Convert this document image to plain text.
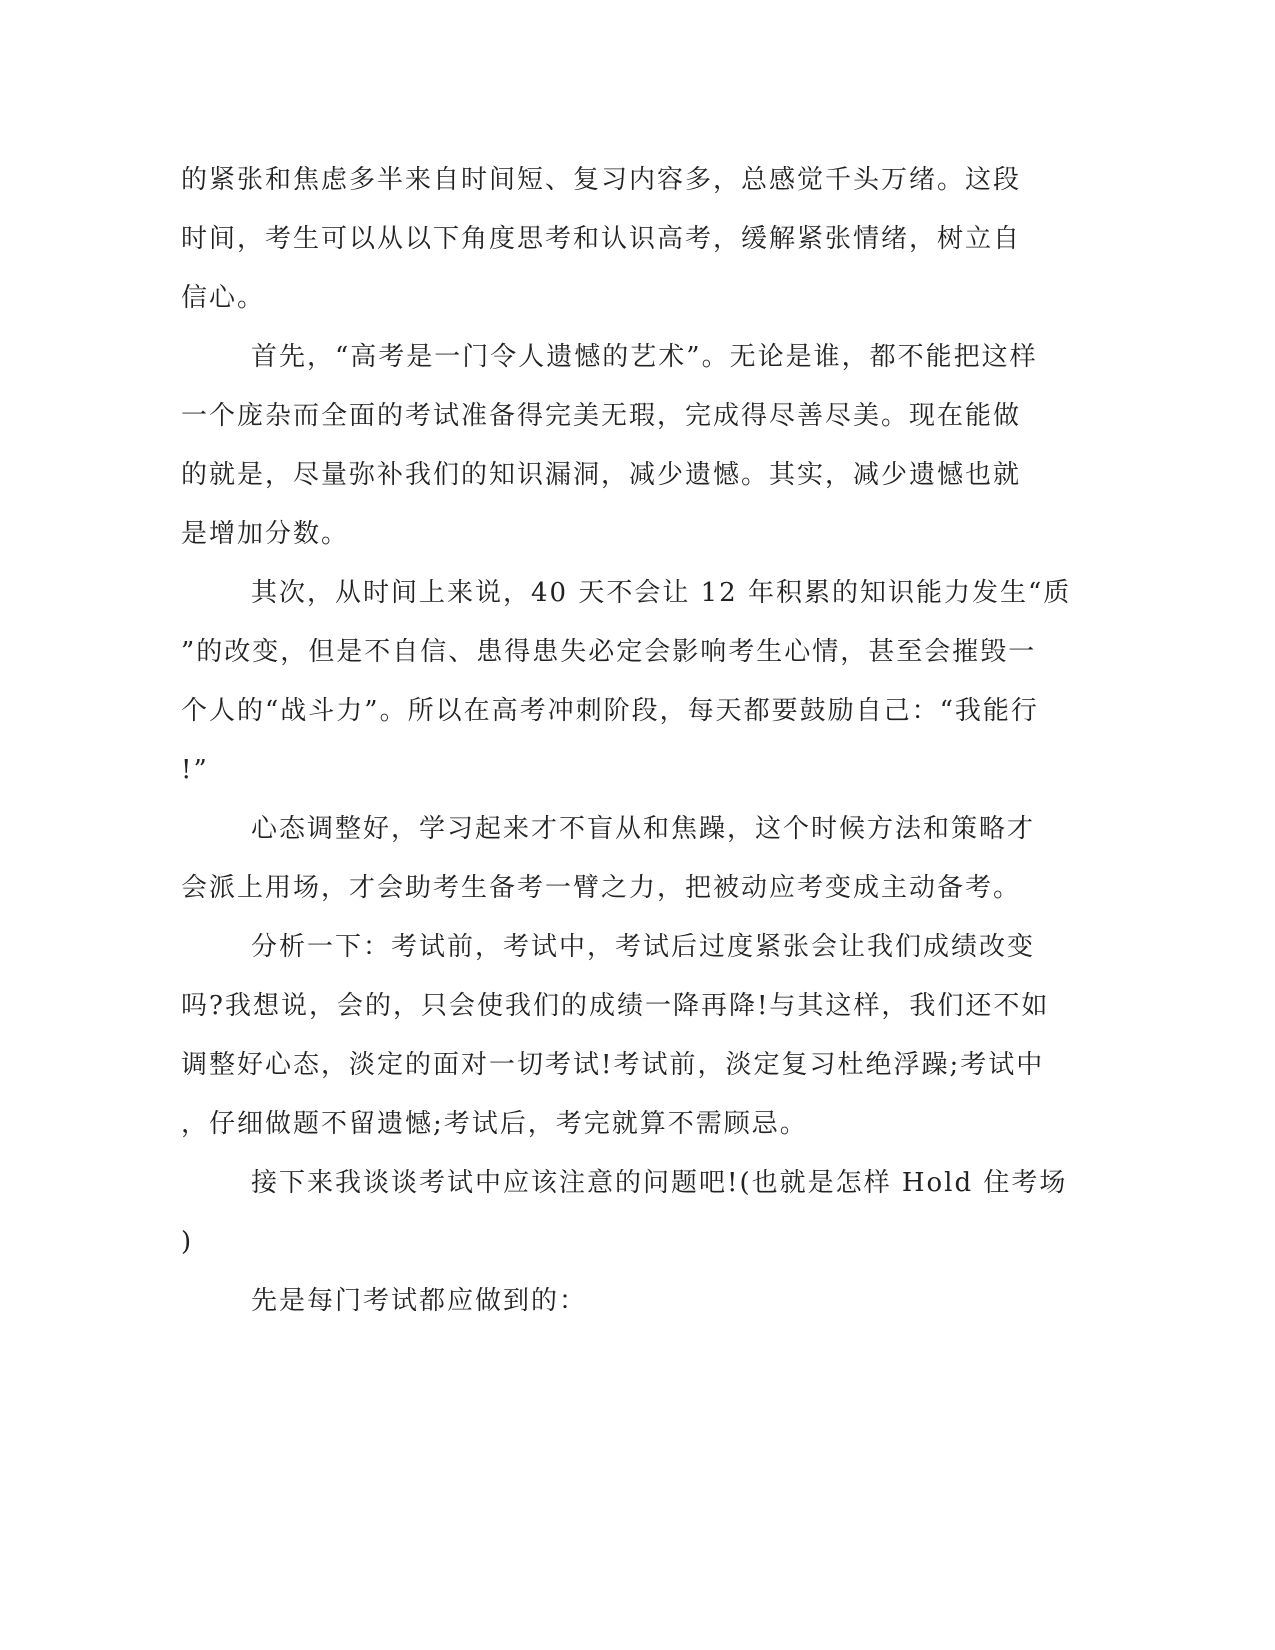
的紧张和焦虑多半来自时间短、复习内容多，总感觉千头万绪。这段
时间，考生可以从以下角度思考和认识高考，缓解紧张情绪，树立自
信心。
首先，“高考是一门令人遗憾的艺术”。无论是谁，都不能把这样
一个庞杂而全面的考试准备得完美无瑕，完成得尽善尽美。现在能做
的就是，尽量弥补我们的知识漏洞，减少遗憾。其实，减少遗憾也就
是增加分数。
其次，从时间上来说，40 天不会让 12 年积累的知识能力发生“质
”的改变，但是不自信、患得患失必定会影响考生心情，甚至会摧毁一
个人的“战斗力”。所以在高考冲刺阶段，每天都要鼓励自己：“我能行
!”
心态调整好，学习起来才不盲从和焦躁，这个时候方法和策略才
会派上用场，才会助考生备考一臂之力，把被动应考变成主动备考。
分析一下：考试前，考试中，考试后过度紧张会让我们成绩改变
吗?我想说，会的，只会使我们的成绩一降再降!与其这样，我们还不如
调整好心态，淡定的面对一切考试!考试前，淡定复习杜绝浮躁;考试中
，仔细做题不留遗憾;考试后，考完就算不需顾忌。
接下来我谈谈考试中应该注意的问题吧!(也就是怎样 Hold 住考场
)
先是每门考试都应做到的：
